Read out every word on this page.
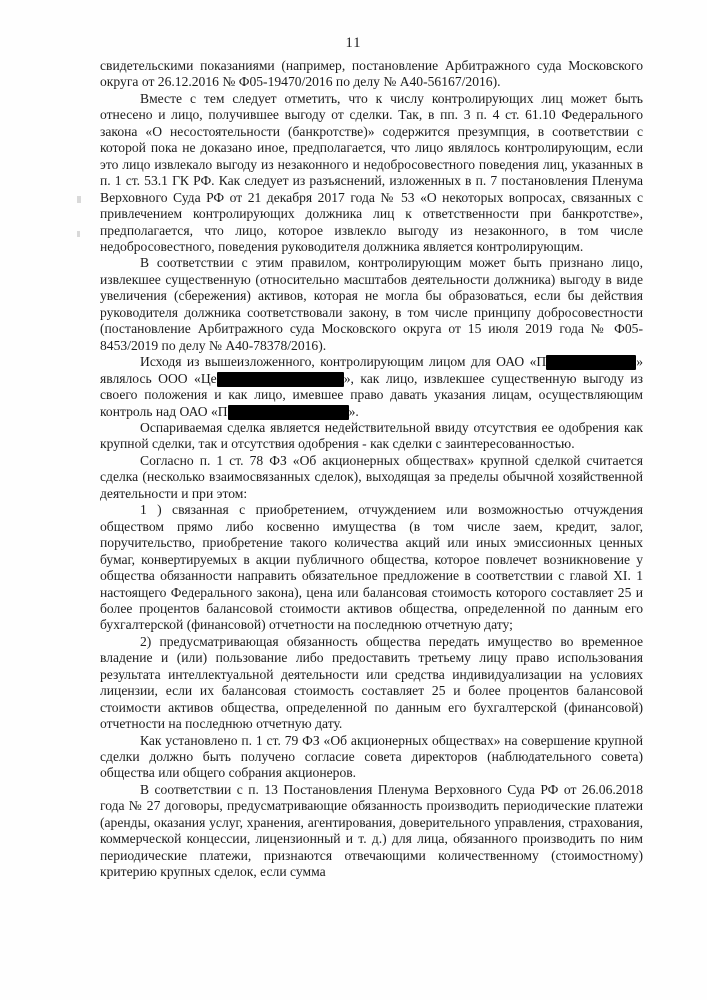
11

свидетельскими показаниями (например, постановление Арбитражного суда Московского округа от 26.12.2016 № Ф05-19470/2016 по делу № А40-56167/2016).

Вместе с тем следует отметить, что к числу контролирующих лиц может быть отнесено и лицо, получившее выгоду от сделки. Так, в пп. 3 п. 4 ст. 61.10 Федерального закона «О несостоятельности (банкротстве)» содержится презумпция, в соответствии с которой пока не доказано иное, предполагается, что лицо являлось контролирующим, если это лицо извлекало выгоду из незаконного и недобросовестного поведения лиц, указанных в п. 1 ст. 53.1 ГК РФ. Как следует из разъяснений, изложенных в п. 7 постановления Пленума Верховного Суда РФ от 21 декабря 2017 года № 53 «О некоторых вопросах, связанных с привлечением контролирующих должника лиц к ответственности при банкротстве», предполагается, что лицо, которое извлекло выгоду из незаконного, в том числе недобросовестного, поведения руководителя должника является контролирующим.

В соответствии с этим правилом, контролирующим может быть признано лицо, извлекшее существенную (относительно масштабов деятельности должника) выгоду в виде увеличения (сбережения) активов, которая не могла бы образоваться, если бы действия руководителя должника соответствовали закону, в том числе принципу добросовестности (постановление Арбитражного суда Московского округа от 15 июля 2019 года № Ф05-8453/2019 по делу № А40-78378/2016).

Исходя из вышеизложенного, контролирующим лицом для ОАО «П	» являлось ООО «Це	», как лицо, извлекшее существенную выгоду из своего положения и как лицо, имевшее право давать указания лицам, осуществляющим контроль над ОАО «П	».

Оспариваемая сделка является недействительной ввиду отсутствия ее одобрения как крупной сделки, так и отсутствия одобрения - как сделки с заинтересованностью.

Согласно п. 1 ст. 78 ФЗ «Об акционерных обществах» крупной сделкой считается сделка (несколько взаимосвязанных сделок), выходящая за пределы обычной хозяйственной деятельности и при этом:

1 ) связанная с приобретением, отчуждением или возможностью отчуждения обществом прямо либо косвенно имущества (в том числе заем, кредит, залог, поручительство, приобретение такого количества акций или иных эмиссионных ценных бумаг, конвертируемых в акции публичного общества, которое повлечет возникновение у общества обязанности направить обязательное предложение в соответствии с главой XI. 1 настоящего Федерального закона), цена или балансовая стоимость которого составляет 25 и более процентов балансовой стоимости активов общества, определенной по данным его бухгалтерской (финансовой) отчетности на последнюю отчетную дату;

2) предусматривающая обязанность общества передать имущество во временное владение и (или) пользование либо предоставить третьему лицу право использования результата интеллектуальной деятельности или средства индивидуализации на условиях лицензии, если их балансовая стоимость составляет 25 и более процентов балансовой стоимости активов общества, определенной по данным его бухгалтерской (финансовой) отчетности на последнюю отчетную дату.

Как установлено п. 1 ст. 79 ФЗ «Об акционерных обществах» на совершение крупной сделки должно быть получено согласие совета директоров (наблюдательного совета) общества или общего собрания акционеров.

В соответствии с п. 13 Постановления Пленума Верховного Суда РФ от 26.06.2018 года № 27 договоры, предусматривающие обязанность производить периодические платежи (аренды, оказания услуг, хранения, агентирования, доверительного управления, страхования, коммерческой концессии, лицензионный и т. д.) для лица, обязанного производить по ним периодические платежи, признаются отвечающими количественному (стоимостному) критерию крупных сделок, если сумма
